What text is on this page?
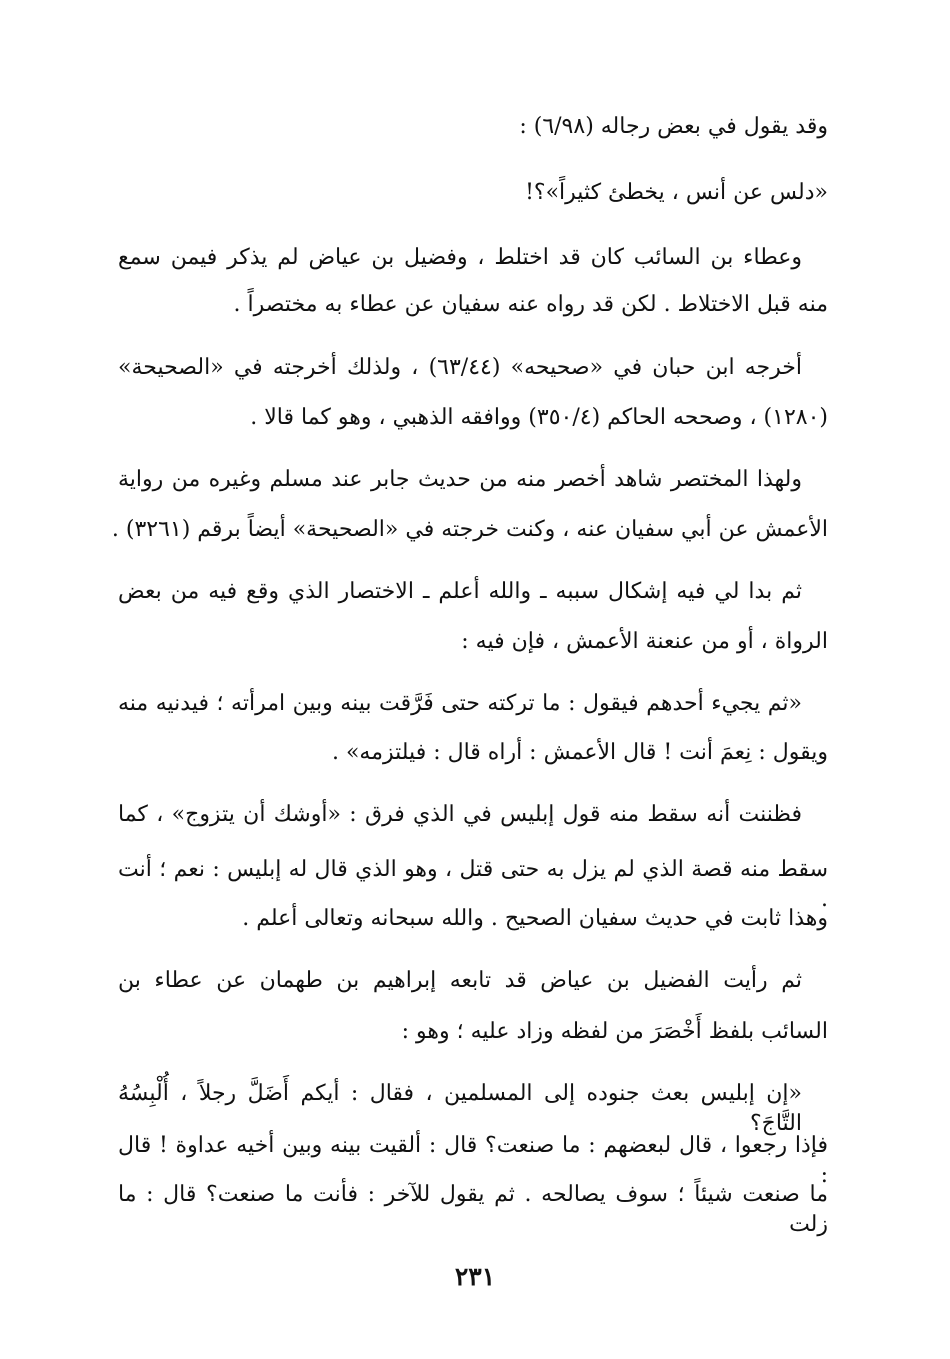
وقد يقول في بعض رجاله (٦/٩٨) :
«دلس عن أنس ، يخطئ كثيراً»؟!
وعطاء بن السائب كان قد اختلط ، وفضيل بن عياض لم يذكر فيمن سمع
منه قبل الاختلاط . لكن قد رواه عنه سفيان عن عطاء به مختصراً .
أخرجه ابن حبان في «صحيحه» (٦٣/٤٤) ، ولذلك أخرجته في «الصحيحة»
(١٢٨٠) ، وصححه الحاكم (٣٥٠/٤) ووافقه الذهبي ، وهو كما قالا .
ولهذا المختصر شاهد أخصر منه من حديث جابر عند مسلم وغيره من رواية
الأعمش عن أبي سفيان عنه ، وكنت خرجته في «الصحيحة» أيضاً برقم (٣٢٦١) .
ثم بدا لي فيه إشكال سببه ـ والله أعلم ـ الاختصار الذي وقع فيه من بعض
الرواة ، أو من عنعنة الأعمش ، فإن فيه :
«ثم يجيء أحدهم فيقول : ما تركته حتى فَرَّقت بينه وبين امرأته ؛ فيدنيه منه
ويقول : نِعمَ أنت ! قال الأعمش : أراه قال : فيلتزمه» .
فظننت أنه سقط منه قول إبليس في الذي فرق : «أوشك أن يتزوج» ، كما
سقط منه قصة الذي لم يزل به حتى قتل ، وهو الذي قال له إبليس : نعم ؛ أنت .
وهذا ثابت في حديث سفيان الصحيح . والله سبحانه وتعالى أعلم .
ثم رأيت الفضيل بن عياض قد تابعه إبراهيم بن طهمان عن عطاء بن
السائب بلفظ أَخْصَرَ من لفظه وزاد عليه ؛ وهو :
«إن إبليس بعث جنوده إلى المسلمين ، فقال : أيكم أَضَلَّ رجلاً ، أُلْبِسُهُ التَّاجَ؟
فإذا رجعوا ، قال لبعضهم : ما صنعت؟ قال : ألقيت بينه وبين أخيه عداوة ! قال :
ما صنعت شيئاً ؛ سوف يصالحه . ثم يقول للآخر : فأنت ما صنعت؟ قال : ما زلت
٢٣١
